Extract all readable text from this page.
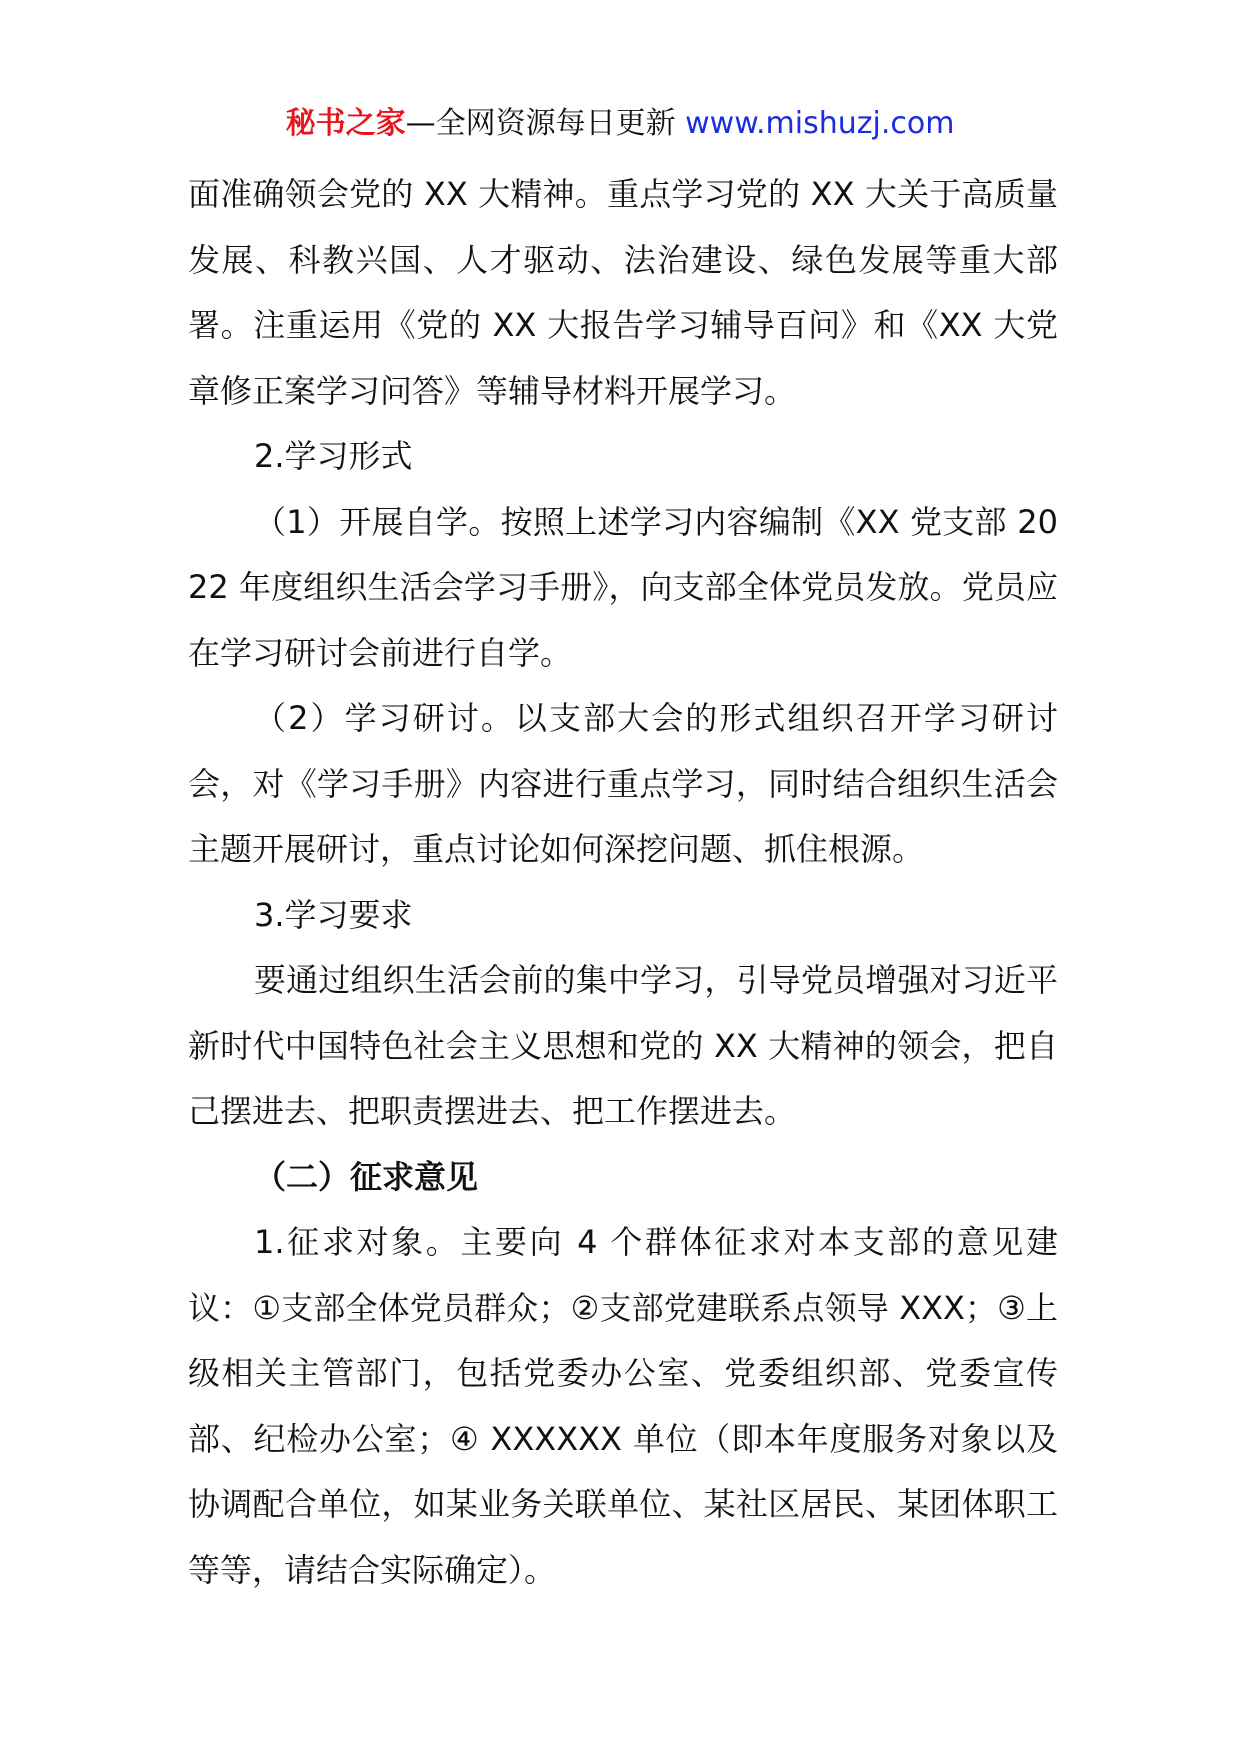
秘书之家—全网资源每日更新 www.mishuzj.com

面准确领会党的 XX 大精神。重点学习党的 XX 大关于高质量发展、科教兴国、人才驱动、法治建设、绿色发展等重大部署。注重运用《党的 XX 大报告学习辅导百问》和《XX 大党章修正案学习问答》等辅导材料开展学习。

2.学习形式

（1）开展自学。按照上述学习内容编制《XX 党支部 2022 年度组织生活会学习手册》，向支部全体党员发放。党员应在学习研讨会前进行自学。

（2）学习研讨。以支部大会的形式组织召开学习研讨会，对《学习手册》内容进行重点学习，同时结合组织生活会主题开展研讨，重点讨论如何深挖问题、抓住根源。

3.学习要求

要通过组织生活会前的集中学习，引导党员增强对习近平新时代中国特色社会主义思想和党的 XX 大精神的领会，把自己摆进去、把职责摆进去、把工作摆进去。

（二）征求意见

1.征求对象。主要向 4 个群体征求对本支部的意见建议：①支部全体党员群众；②支部党建联系点领导 XXX；③上级相关主管部门，包括党委办公室、党委组织部、党委宣传部、纪检办公室；④ XXXXXX 单位（即本年度服务对象以及协调配合单位，如某业务关联单位、某社区居民、某团体职工等等，请结合实际确定）。
